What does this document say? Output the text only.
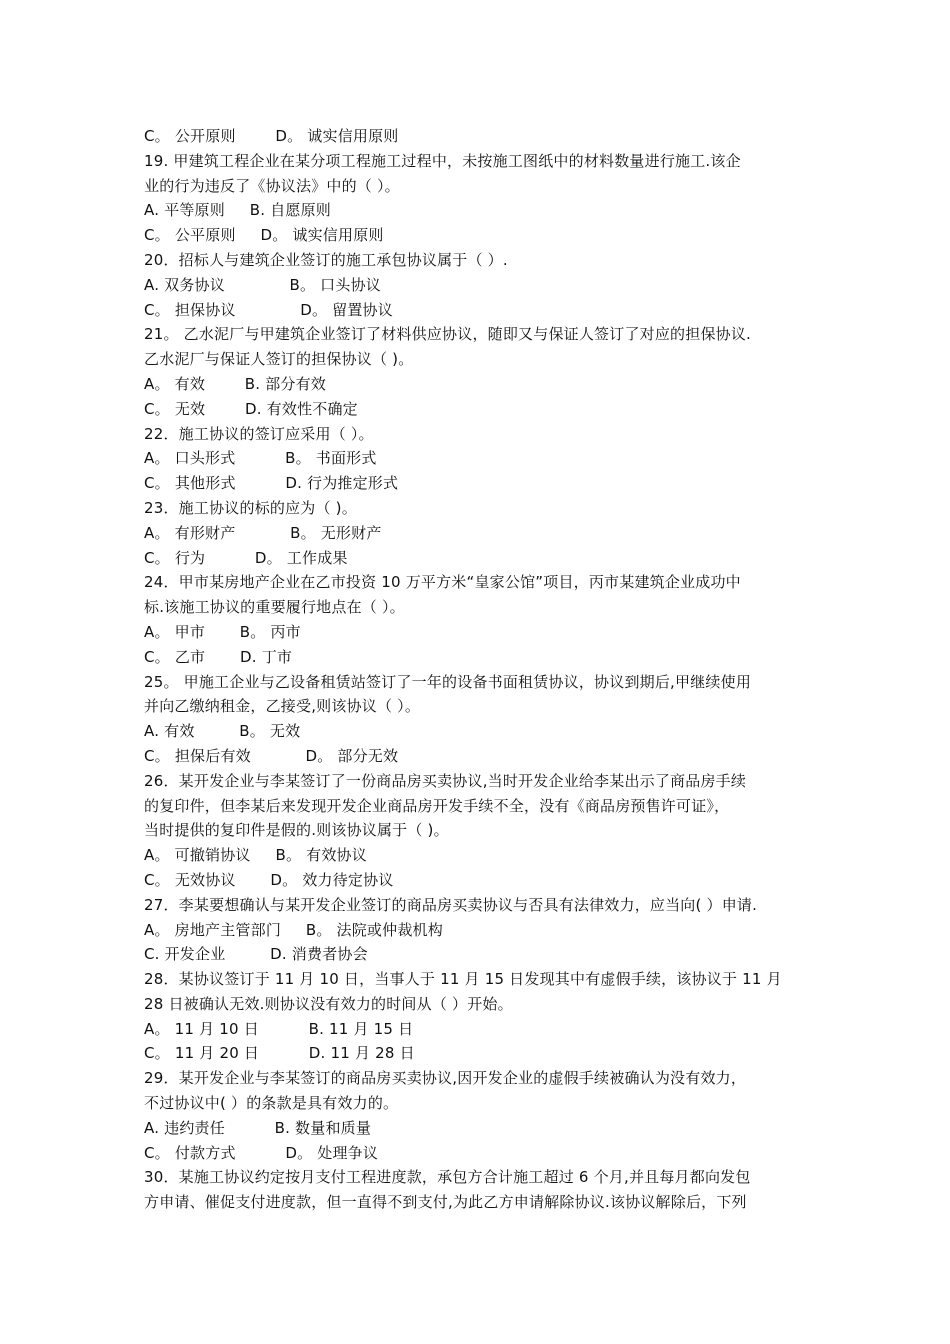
C。 公开原则        D。 诚实信用原则
19. 甲建筑工程企业在某分项工程施工过程中，未按施工图纸中的材料数量进行施工.该企
业的行为违反了《协议法》中的（ ）。
A. 平等原则     B. 自愿原则
C。 公平原则     D。 诚实信用原则
20．招标人与建筑企业签订的施工承包协议属于（ ）.
A. 双务协议             B。 口头协议
C。 担保协议             D。 留置协议
21。 乙水泥厂与甲建筑企业签订了材料供应协议，随即又与保证人签订了对应的担保协议.
乙水泥厂与保证人签订的担保协议（ )。
A。 有效        B. 部分有效
C。 无效        D. 有效性不确定
22．施工协议的签订应采用（ ）。
A。 口头形式          B。 书面形式
C。 其他形式          D. 行为推定形式
23．施工协议的标的应为（ )。
A。 有形财产           B。 无形财产
C。 行为          D。 工作成果
24．甲市某房地产企业在乙市投资 10 万平方米“皇家公馆”项目，丙市某建筑企业成功中
标.该施工协议的重要履行地点在（ ）。
A。 甲市       B。 丙市
C。 乙市       D. 丁市
25。 甲施工企业与乙设备租赁站签订了一年的设备书面租赁协议，协议到期后,甲继续使用
并向乙缴纳租金，乙接受,则该协议（ ）。
A. 有效         B。 无效
C。 担保后有效           D。 部分无效
26．某开发企业与李某签订了一份商品房买卖协议,当时开发企业给李某出示了商品房手续
的复印件，但李某后来发现开发企业商品房开发手续不全，没有《商品房预售许可证》，
当时提供的复印件是假的.则该协议属于（ )。
A。 可撤销协议     B。 有效协议
C。 无效协议       D。 效力待定协议
27．李某要想确认与某开发企业签订的商品房买卖协议与否具有法律效力，应当向( ）申请.
A。 房地产主管部门     B。 法院或仲裁机构
C. 开发企业         D. 消费者协会
28．某协议签订于 11 月 10 日，当事人于 11 月 15 日发现其中有虚假手续，该协议于 11 月
28 日被确认无效.则协议没有效力的时间从（ ）开始。
A。 11 月 10 日          B. 11 月 15 日
C。 11 月 20 日          D. 11 月 28 日
29．某开发企业与李某签订的商品房买卖协议,因开发企业的虚假手续被确认为没有效力，
不过协议中( ）的条款是具有效力的。
A. 违约责任          B. 数量和质量
C。 付款方式          D。 处理争议
30．某施工协议约定按月支付工程进度款，承包方合计施工超过 6 个月,并且每月都向发包
方申请、催促支付进度款，但一直得不到支付,为此乙方申请解除协议.该协议解除后，下列
